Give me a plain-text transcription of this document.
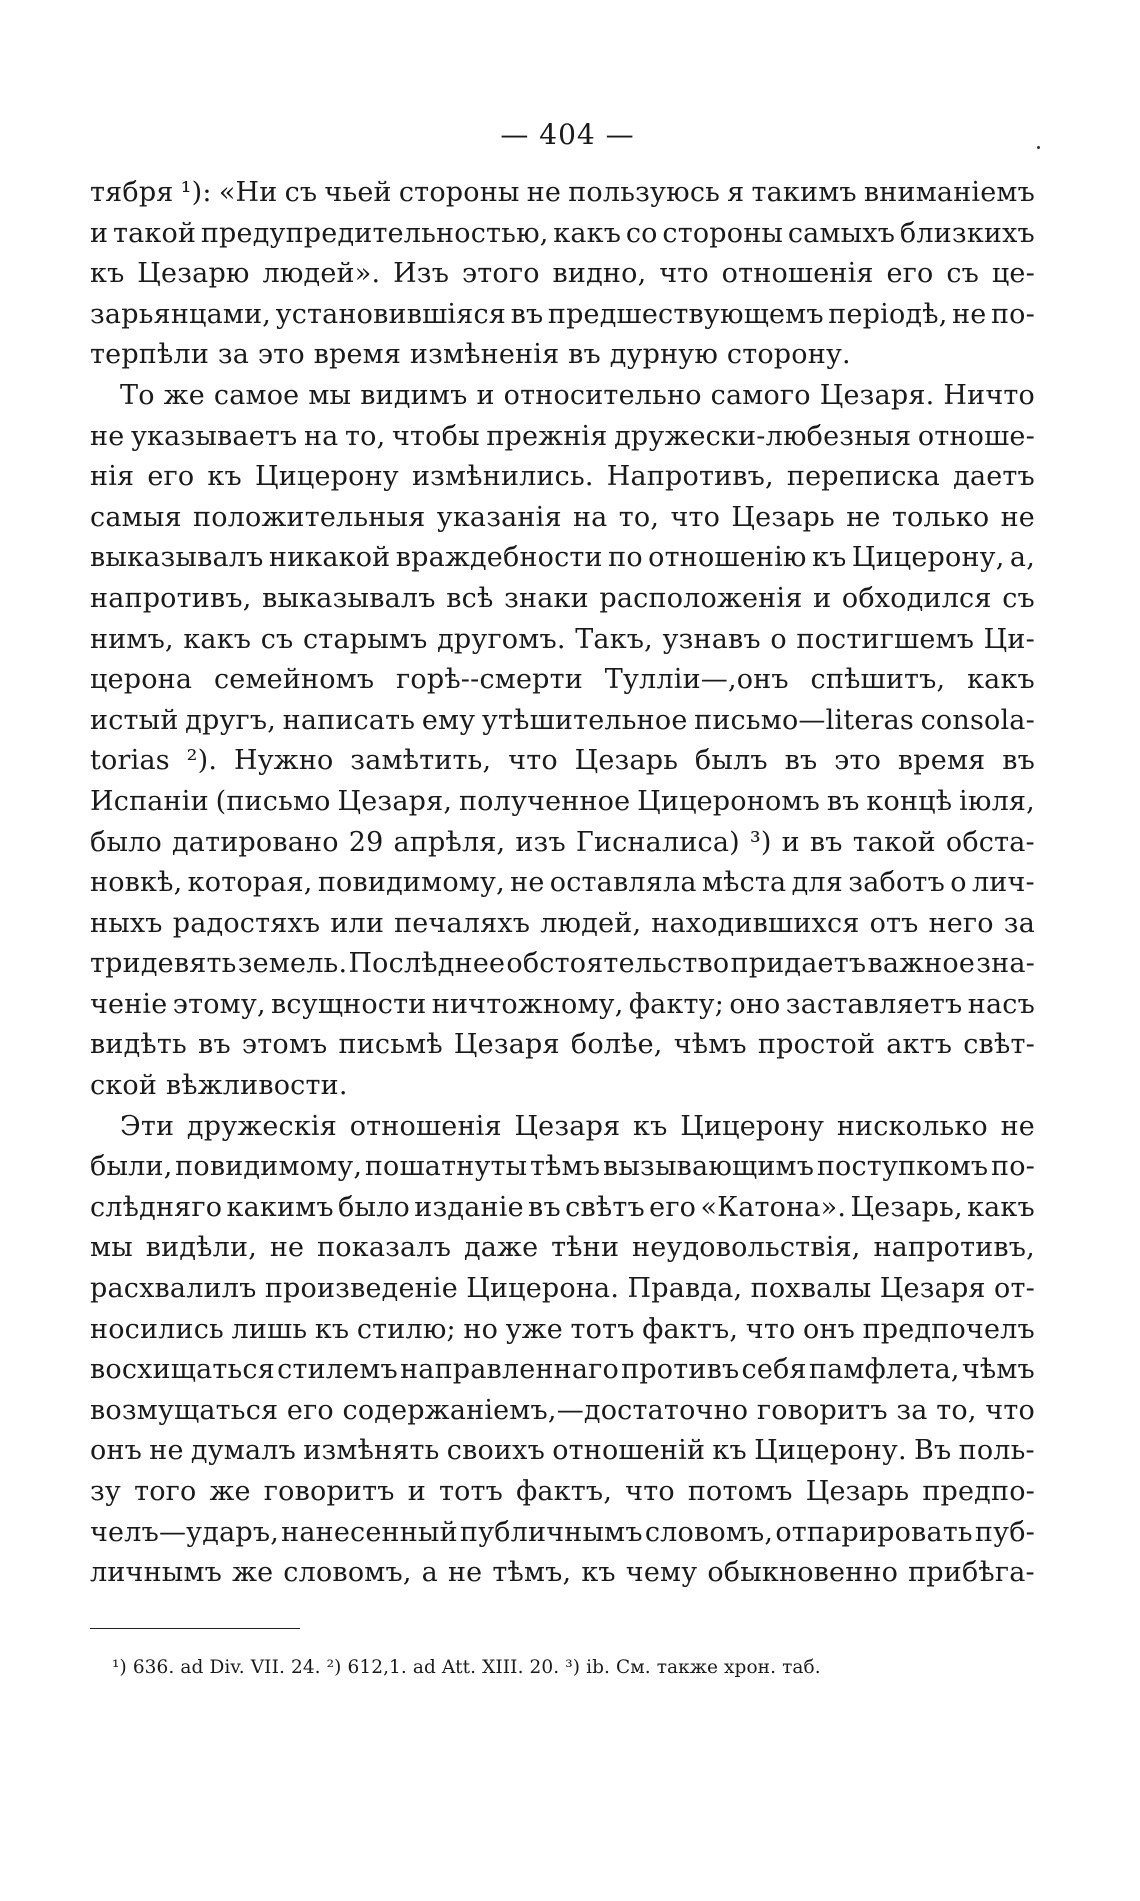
— 404 —
тября ¹): «Ни съ чьей стороны не пользуюсь я такимъ вниманіемъ
и такой предупредительностью, какъ со стороны самыхъ близкихъ
къ Цезарю людей». Изъ этого видно, что отношенія его съ це-
зарьянцами, установившіяся въ предшествующемъ періодѣ, не по-
терпѣли
за
это
время
измѣненія
въ
дурную
сторону.

То же самое мы видимъ и относительно самого Цезаря. Ничто
не указываетъ на то, чтобы прежнія дружески-любезныя отноше-
нія его къ Цицерону измѣнились. Напротивъ, переписка даетъ
самыя положительныя указанія на то, что Цезарь не только не
выказывалъ никакой враждебности по отношенію къ Цицерону, а,
напротивъ, выказывалъ всѣ знаки расположенія и обходился съ
нимъ, какъ съ старымъ другомъ. Такъ, узнавъ о постигшемъ Ци-
церона семейномъ горѣ--смерти Тулліи—,онъ спѣшитъ, какъ
истый другъ, написать ему утѣшительное письмо—literas consola-
torias ²). Нужно замѣтить, что Цезарь былъ въ это время въ
Испаніи (письмо Цезаря, полученное Цицерономъ въ концѣ іюля,
было датировано 29 апрѣля, изъ Гисналиса) ³) и въ такой обста-
новкѣ, которая, повидимому, не оставляла мѣста для заботъ о лич-
ныхъ радостяхъ или печаляхъ людей, находившихся отъ него за
тридевять земель. Послѣднее обстоятельство придаетъ важное зна-
ченіе этому, всущности ничтожному, факту; оно заставляетъ насъ
видѣть въ этомъ письмѣ Цезаря болѣе, чѣмъ простой актъ свѣт-
ской
вѣжливости.

Эти дружескія отношенія Цезаря къ Цицерону нисколько не
были, повидимому, пошатнуты тѣмъ вызывающимъ поступкомъ по-
слѣдняго какимъ было изданіе въ свѣтъ его «Катона». Цезарь, какъ
мы видѣли, не показалъ даже тѣни неудовольствія, напротивъ,
расхвалилъ произведеніе Цицерона. Правда, похвалы Цезаря от-
носились лишь къ стилю; но уже тотъ фактъ, что онъ предпочелъ
восхищаться стилемъ направленнаго противъ себя памфлета, чѣмъ
возмущаться его содержаніемъ,—достаточно говоритъ за то, что
онъ не думалъ измѣнять своихъ отношеній къ Цицерону. Въ поль-
зу того же говоритъ и тотъ фактъ, что потомъ Цезарь предпо-
челъ—ударъ, нанесенный публичнымъ словомъ, отпарировать пуб-
личнымъ же словомъ, а не тѣмъ, къ чему обыкновенно прибѣга-
¹) 636. ad Div. VII. 24. ²) 612,1. ad Att. XIII. 20. ³) ib. См. также хрон. таб.
